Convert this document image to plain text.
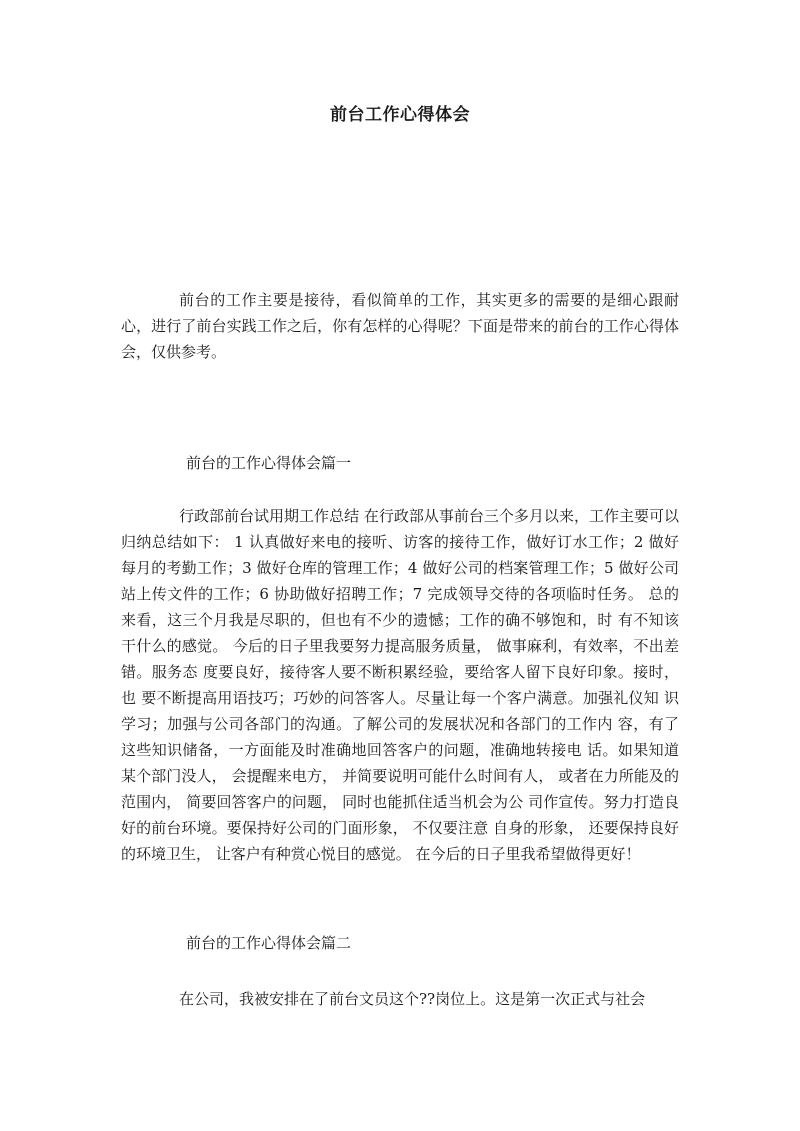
前台工作心得体会

前台的工作主要是接待，看似简单的工作，其实更多的需要的是细心跟耐心，进行了前台实践工作之后，你有怎样的心得呢？下面是带来的前台的工作心得体会，仅供参考。

前台的工作心得体会篇一

行政部前台试用期工作总结 在行政部从事前台三个多月以来，工作主要可以归纳总结如下： 1 认真做好来电的接听、访客的接待工作，做好订水工作；2 做好每月的考勤工作；3 做好仓库的管理工作；4 做好公司的档案管理工作；5 做好公司站上传文件的工作；6 协助做好招聘工作；7 完成领导交待的各项临时任务。 总的来看，这三个月我是尽职的，但也有不少的遗憾；工作的确不够饱和，时 有不知该干什么的感觉。 今后的日子里我要努力提高服务质量， 做事麻利，有效率，不出差错。服务态 度要良好，接待客人要不断积累经验，要给客人留下良好印象。接时， 也 要不断提高用语技巧；巧妙的问答客人。尽量让每一个客户满意。加强礼仪知 识学习；加强与公司各部门的沟通。了解公司的发展状况和各部门的工作内 容，有了这些知识储备，一方面能及时准确地回答客户的问题，准确地转接电 话。如果知道某个部门没人， 会提醒来电方， 并简要说明可能什么时间有人， 或者在力所能及的范围内， 简要回答客户的问题， 同时也能抓住适当机会为公 司作宣传。努力打造良好的前台环境。要保持好公司的门面形象， 不仅要注意 自身的形象， 还要保持良好的环境卫生， 让客户有种赏心悦目的感觉。 在今后的日子里我希望做得更好！

前台的工作心得体会篇二

在公司，我被安排在了前台文员这个??岗位上。这是第一次正式与社会
